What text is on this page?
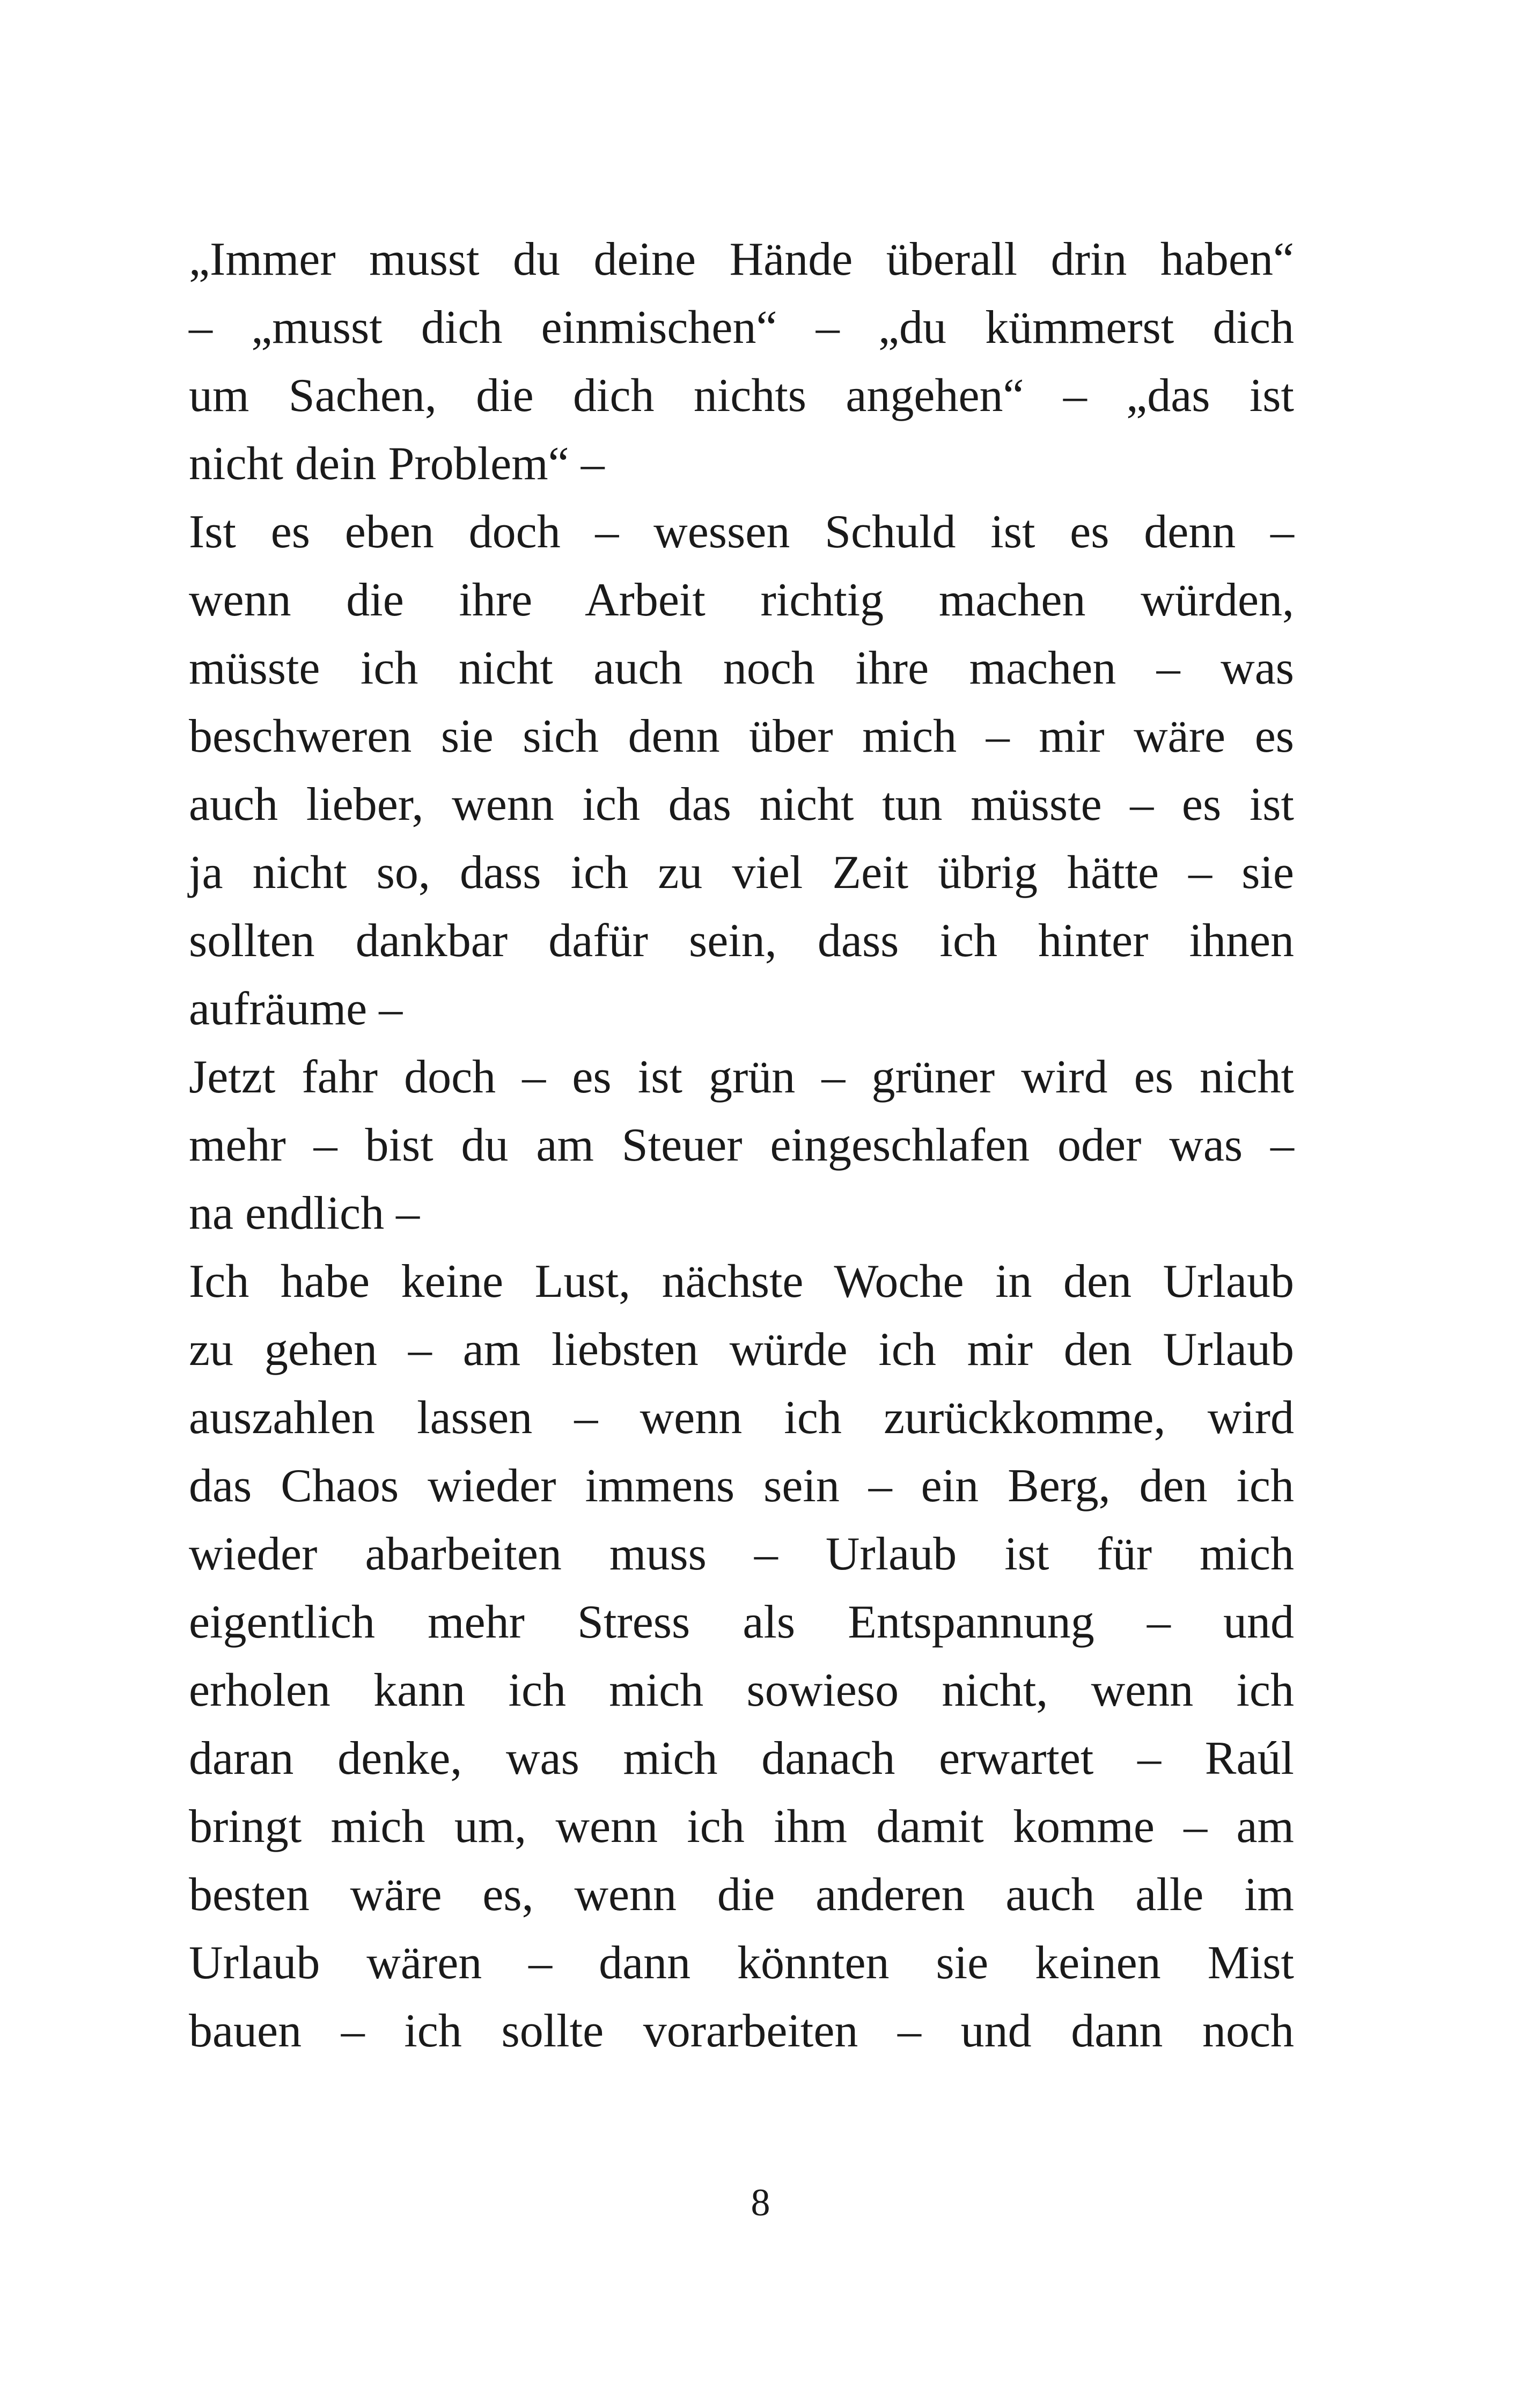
„Immer musst du deine Hände überall drin haben“
– „musst dich einmischen“ – „du kümmerst dich
um Sachen, die dich nichts angehen“ – „das ist
nicht dein Problem“ –
Ist es eben doch – wessen Schuld ist es denn –
wenn die ihre Arbeit richtig machen würden,
müsste ich nicht auch noch ihre machen – was
beschweren sie sich denn über mich – mir wäre es
auch lieber, wenn ich das nicht tun müsste – es ist
ja nicht so, dass ich zu viel Zeit übrig hätte – sie
sollten dankbar dafür sein, dass ich hinter ihnen
aufräume –
Jetzt fahr doch – es ist grün – grüner wird es nicht
mehr – bist du am Steuer eingeschlafen oder was –
na endlich –
Ich habe keine Lust, nächste Woche in den Urlaub
zu gehen – am liebsten würde ich mir den Urlaub
auszahlen lassen – wenn ich zurückkomme, wird
das Chaos wieder immens sein – ein Berg, den ich
wieder abarbeiten muss – Urlaub ist für mich
eigentlich mehr Stress als Entspannung – und
erholen kann ich mich sowieso nicht, wenn ich
daran denke, was mich danach erwartet – Raúl
bringt mich um, wenn ich ihm damit komme – am
besten wäre es, wenn die anderen auch alle im
Urlaub wären – dann könnten sie keinen Mist
bauen – ich sollte vorarbeiten – und dann noch
8
